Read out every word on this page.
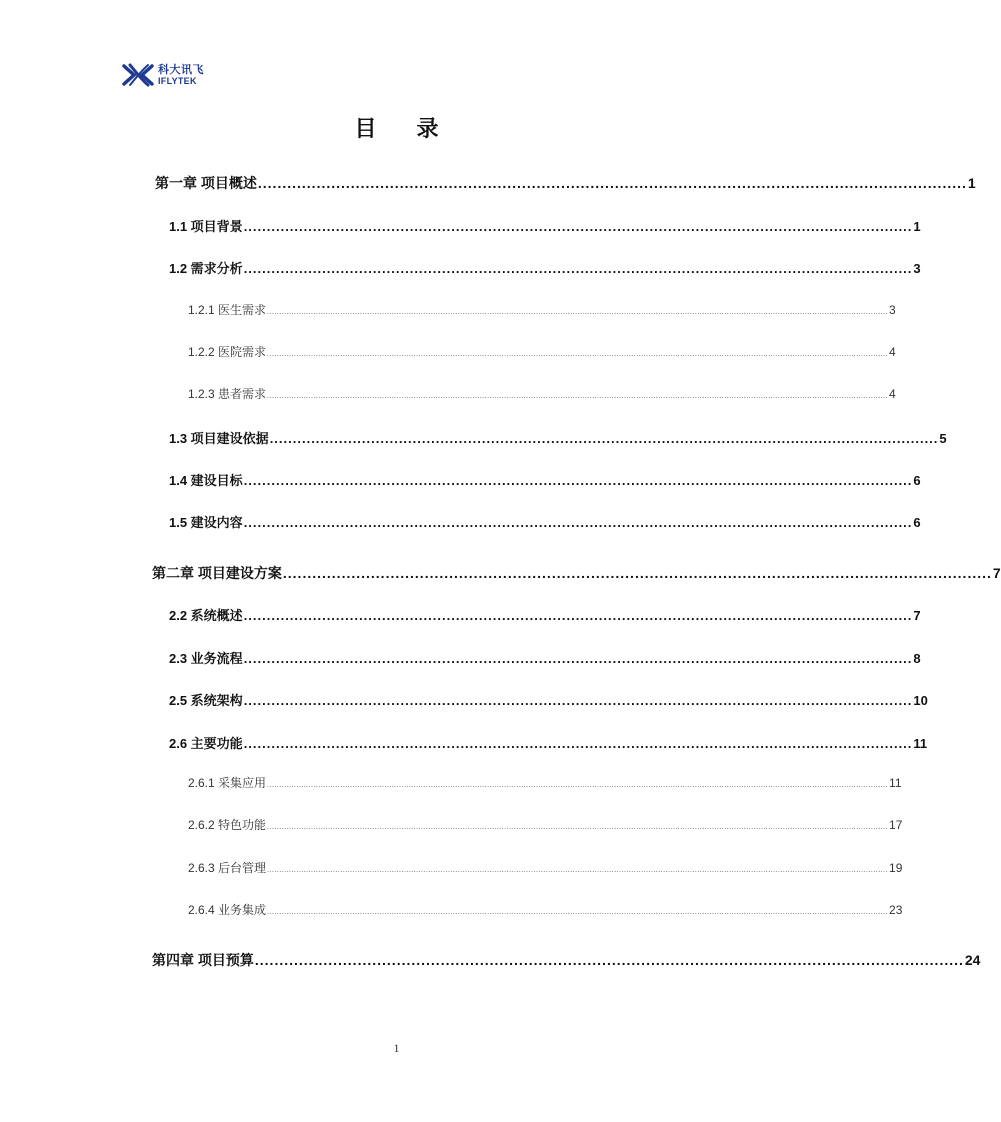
科大讯飞
IFLYTEK
目录
第一章 项目概述 ................................................................................................................................................. 1
1.1 项目背景 ................................................................................................................................................. 1
1.2 需求分析 ................................................................................................................................................. 3
1.2.1 医生需求 .............................................................................................................................................................................................................................................................. 3
1.2.2 医院需求 .............................................................................................................................................................................................................................................................. 4
1.2.3 患者需求 .............................................................................................................................................................................................................................................................. 4
1.3 项目建设依据 ................................................................................................................................................. 5
1.4 建设目标 ................................................................................................................................................. 6
1.5 建设内容 ................................................................................................................................................. 6
第二章 项目建设方案 ................................................................................................................................................. 7
2.2 系统概述 ................................................................................................................................................. 7
2.3 业务流程 ................................................................................................................................................. 8
2.5 系统架构 ................................................................................................................................................. 10
2.6 主要功能 ................................................................................................................................................. 11
2.6.1 采集应用 .............................................................................................................................................................................................................................................................. 11
2.6.2 特色功能 .............................................................................................................................................................................................................................................................. 17
2.6.3 后台管理 .............................................................................................................................................................................................................................................................. 19
2.6.4 业务集成 .............................................................................................................................................................................................................................................................. 23
第四章 项目预算 ................................................................................................................................................. 24
1
